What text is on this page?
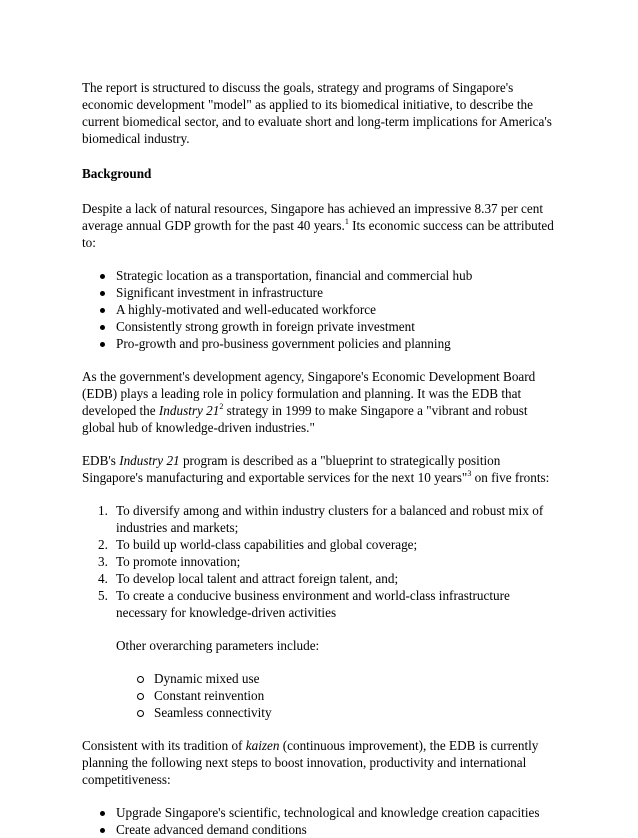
The report is structured to discuss the goals, strategy and programs of Singapore's economic development "model" as applied to its biomedical initiative, to describe the current biomedical sector, and to evaluate short and long-term implications for America's biomedical industry.

Background

Despite a lack of natural resources, Singapore has achieved an impressive 8.37 per cent average annual GDP growth for the past 40 years.$^1$ Its economic success can be attributed to:

Strategic location as a transportation, financial and commercial hub
Significant investment in infrastructure
A highly-motivated and well-educated workforce
Consistently strong growth in foreign private investment
Pro-growth and pro-business government policies and planning

As the government's development agency, Singapore's Economic Development Board (EDB) plays a leading role in policy formulation and planning. It was the EDB that developed the Industry $21^2$ strategy in 1999 to make Singapore a "vibrant and robust global hub of knowledge-driven industries."

EDB's Industry 21 program is described as a "blueprint to strategically position Singapore's manufacturing and exportable services for the next 10 years"$^3$ on five fronts:

1. To diversify among and within industry clusters for a balanced and robust mix of industries and markets;
2. To build up world-class capabilities and global coverage;
3. To promote innovation;
4. To develop local talent and attract foreign talent, and;
5. To create a conducive business environment and world-class infrastructure necessary for knowledge-driven activities

Other overarching parameters include:

Dynamic mixed use
Constant reinvention
Seamless connectivity

Consistent with its tradition of kaizen (continuous improvement), the EDB is currently planning the following next steps to boost innovation, productivity and international competitiveness:

Upgrade Singapore's scientific, technological and knowledge creation capacities
Create advanced demand conditions
